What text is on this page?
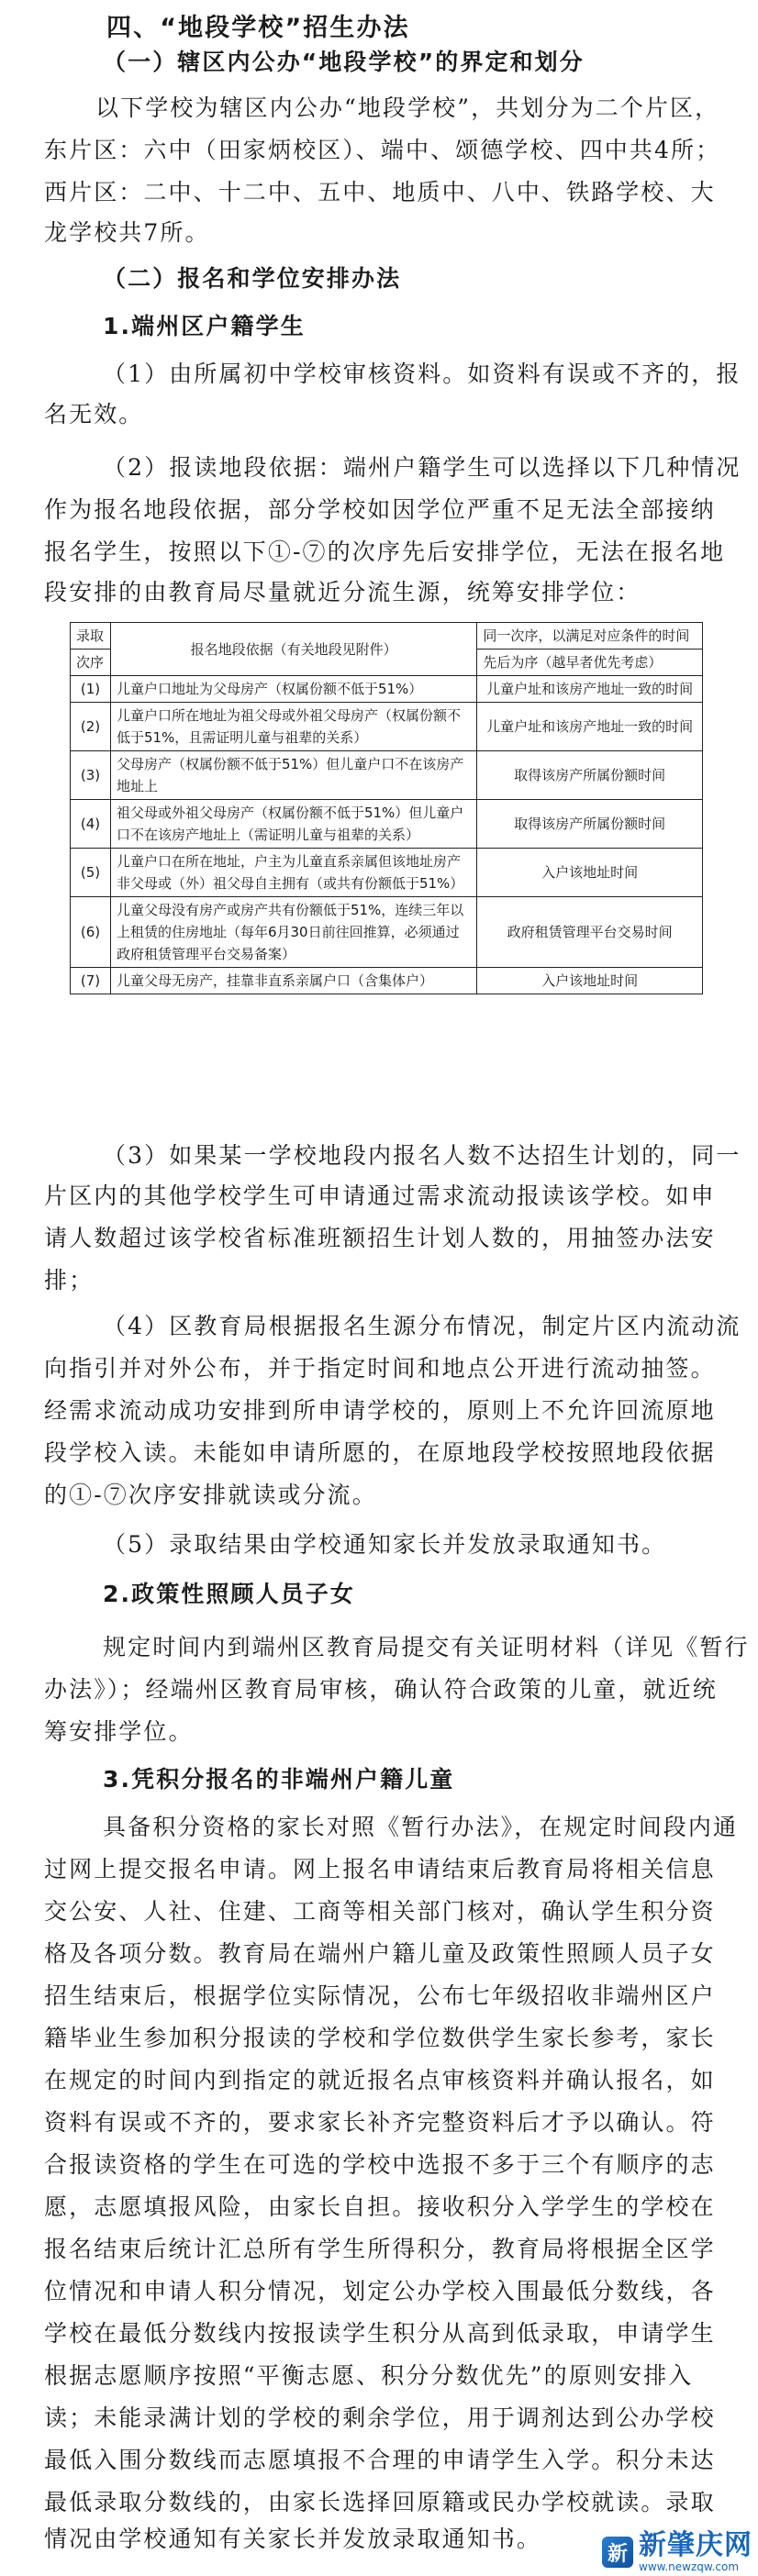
四、“地段学校”招生办法
（一）辖区内公办“地段学校”的界定和划分
以下学校为辖区内公办“地段学校”，共划分为二个片区，
东片区：六中（田家炳校区）、端中、颂德学校、四中共4所；
西片区：二中、十二中、五中、地质中、八中、铁路学校、大
龙学校共7所。
（二）报名和学位安排办法
1.端州区户籍学生
（1）由所属初中学校审核资料。如资料有误或不齐的，报
名无效。
（2）报读地段依据：端州户籍学生可以选择以下几种情况
作为报名地段依据，部分学校如因学位严重不足无法全部接纳
报名学生，按照以下①-⑦的次序先后安排学位，无法在报名地
段安排的由教育局尽量就近分流生源，统筹安排学位：
录取	报名地段依据（有关地段见附件）	同一次序，以满足对应条件的时间
次序		先后为序（越早者优先考虑）
(1)	儿童户口地址为父母房产（权属份额不低于51%）	儿童户址和该房产地址一致的时间
(2)	儿童户口所在地址为祖父母或外祖父母房产（权属份额不低于51%，且需证明儿童与祖辈的关系）	儿童户址和该房产地址一致的时间
(3)	父母房产（权属份额不低于51%）但儿童户口不在该房产地址上	取得该房产所属份额时间
(4)	祖父母或外祖父母房产（权属份额不低于51%）但儿童户口不在该房产地址上（需证明儿童与祖辈的关系）	取得该房产所属份额时间
(5)	儿童户口在所在地址，户主为儿童直系亲属但该地址房产非父母或（外）祖父母自主拥有（或共有份额低于51%）	入户该地址时间
(6)	儿童父母没有房产或房产共有份额低于51%，连续三年以上租赁的住房地址（每年6月30日前往回推算，必须通过政府租赁管理平台交易备案）	政府租赁管理平台交易时间
(7)	儿童父母无房产，挂靠非直系亲属户口（含集体户）	入户该地址时间
（3）如果某一学校地段内报名人数不达招生计划的，同一
片区内的其他学校学生可申请通过需求流动报读该学校。如申
请人数超过该学校省标准班额招生计划人数的，用抽签办法安
排；
（4）区教育局根据报名生源分布情况，制定片区内流动流
向指引并对外公布，并于指定时间和地点公开进行流动抽签。
经需求流动成功安排到所申请学校的，原则上不允许回流原地
段学校入读。未能如申请所愿的，在原地段学校按照地段依据
的①-⑦次序安排就读或分流。
（5）录取结果由学校通知家长并发放录取通知书。
2.政策性照顾人员子女
规定时间内到端州区教育局提交有关证明材料（详见《暂行
办法》）；经端州区教育局审核，确认符合政策的儿童，就近统
筹安排学位。
3.凭积分报名的非端州户籍儿童
具备积分资格的家长对照《暂行办法》，在规定时间段内通
过网上提交报名申请。网上报名申请结束后教育局将相关信息
交公安、人社、住建、工商等相关部门核对，确认学生积分资
格及各项分数。教育局在端州户籍儿童及政策性照顾人员子女
招生结束后，根据学位实际情况，公布七年级招收非端州区户
籍毕业生参加积分报读的学校和学位数供学生家长参考，家长
在规定的时间内到指定的就近报名点审核资料并确认报名，如
资料有误或不齐的，要求家长补齐完整资料后才予以确认。符
合报读资格的学生在可选的学校中选报不多于三个有顺序的志
愿，志愿填报风险，由家长自担。接收积分入学学生的学校在
报名结束后统计汇总所有学生所得积分，教育局将根据全区学
位情况和申请人积分情况，划定公办学校入围最低分数线，各
学校在最低分数线内按报读学生积分从高到低录取，申请学生
根据志愿顺序按照“平衡志愿、积分分数优先”的原则安排入
读；未能录满计划的学校的剩余学位，用于调剂达到公办学校
最低入围分数线而志愿填报不合理的申请学生入学。积分未达
最低录取分数线的，由家长选择回原籍或民办学校就读。录取
情况由学校通知有关家长并发放录取通知书。
新 新肇庆网
www.newzqw.com
